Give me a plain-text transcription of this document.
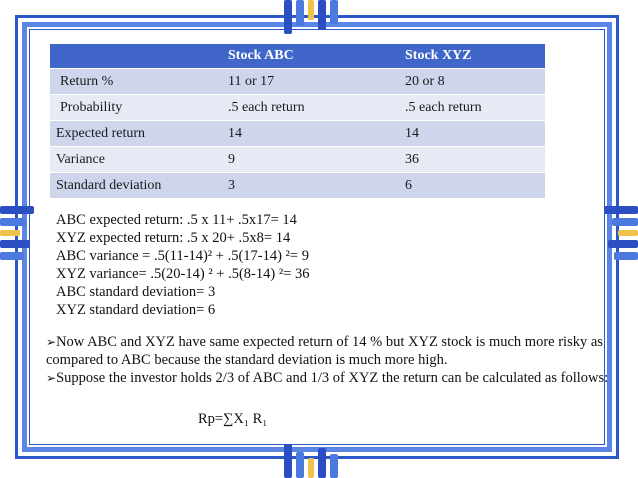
	Stock ABC	Stock XYZ
Return %	11 or 17	20 or 8
Probability	.5 each return	.5 each return
Expected return	14	14
Variance	9	36
Standard deviation	3	6
ABC expected return: .5 x 11+ .5x17= 14
XYZ expected return: .5 x 20+ .5x8= 14
ABC variance = .5(11-14)² + .5(17-14) ²= 9
XYZ variance= .5(20-14) ² + .5(8-14) ²= 36
ABC standard deviation= 3
XYZ standard deviation= 6

➢Now ABC and XYZ have same expected return of 14 % but XYZ stock is much more risky as compared to ABC because the standard deviation is much more high.

➢Suppose the investor holds 2/3 of ABC and 1/3 of XYZ the return can be calculated as follows:

Rp=∑X₁ R₁
